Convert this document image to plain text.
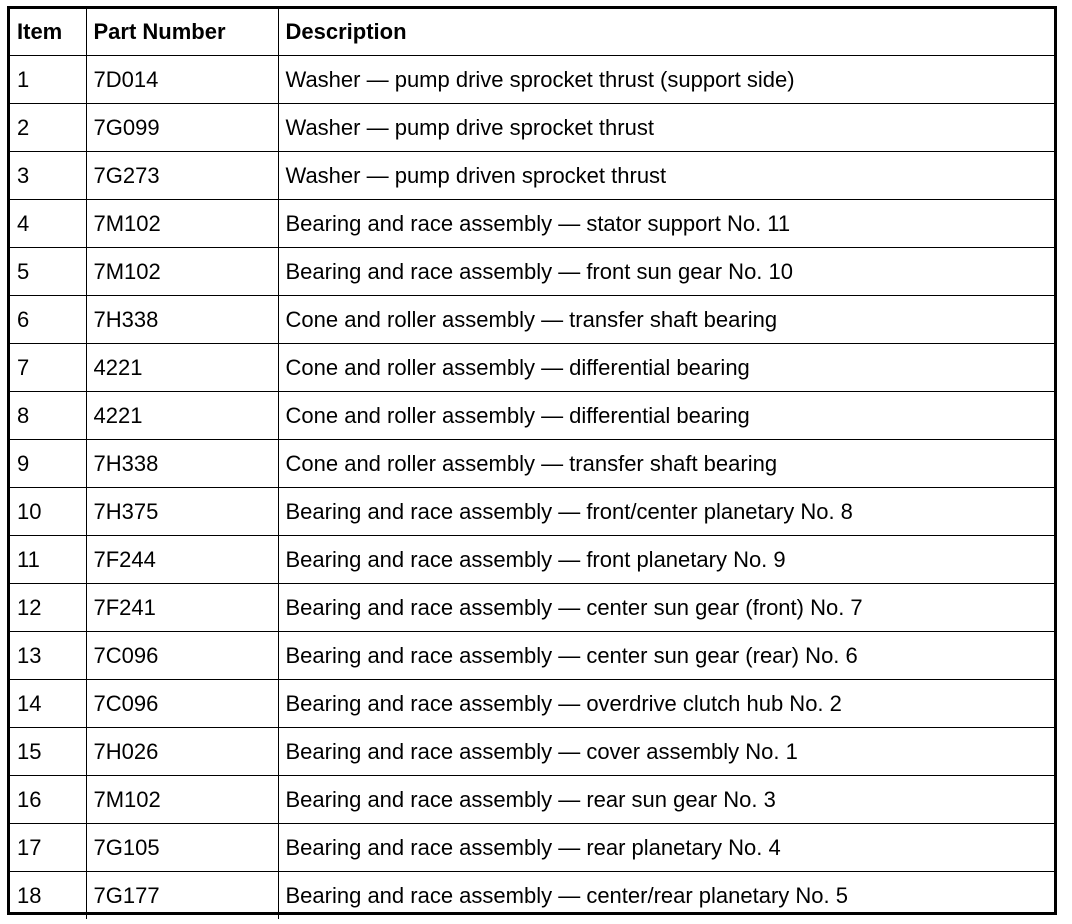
Item	Part Number	Description
1	7D014	Washer — pump drive sprocket thrust (support side)
2	7G099	Washer — pump drive sprocket thrust
3	7G273	Washer — pump driven sprocket thrust
4	7M102	Bearing and race assembly — stator support No. 11
5	7M102	Bearing and race assembly — front sun gear No. 10
6	7H338	Cone and roller assembly — transfer shaft bearing
7	4221	Cone and roller assembly — differential bearing
8	4221	Cone and roller assembly — differential bearing
9	7H338	Cone and roller assembly — transfer shaft bearing
10	7H375	Bearing and race assembly — front/center planetary No. 8
11	7F244	Bearing and race assembly — front planetary No. 9
12	7F241	Bearing and race assembly — center sun gear (front) No. 7
13	7C096	Bearing and race assembly — center sun gear (rear) No. 6
14	7C096	Bearing and race assembly — overdrive clutch hub No. 2
15	7H026	Bearing and race assembly — cover assembly No. 1
16	7M102	Bearing and race assembly — rear sun gear No. 3
17	7G105	Bearing and race assembly — rear planetary No. 4
18	7G177	Bearing and race assembly — center/rear planetary No. 5
